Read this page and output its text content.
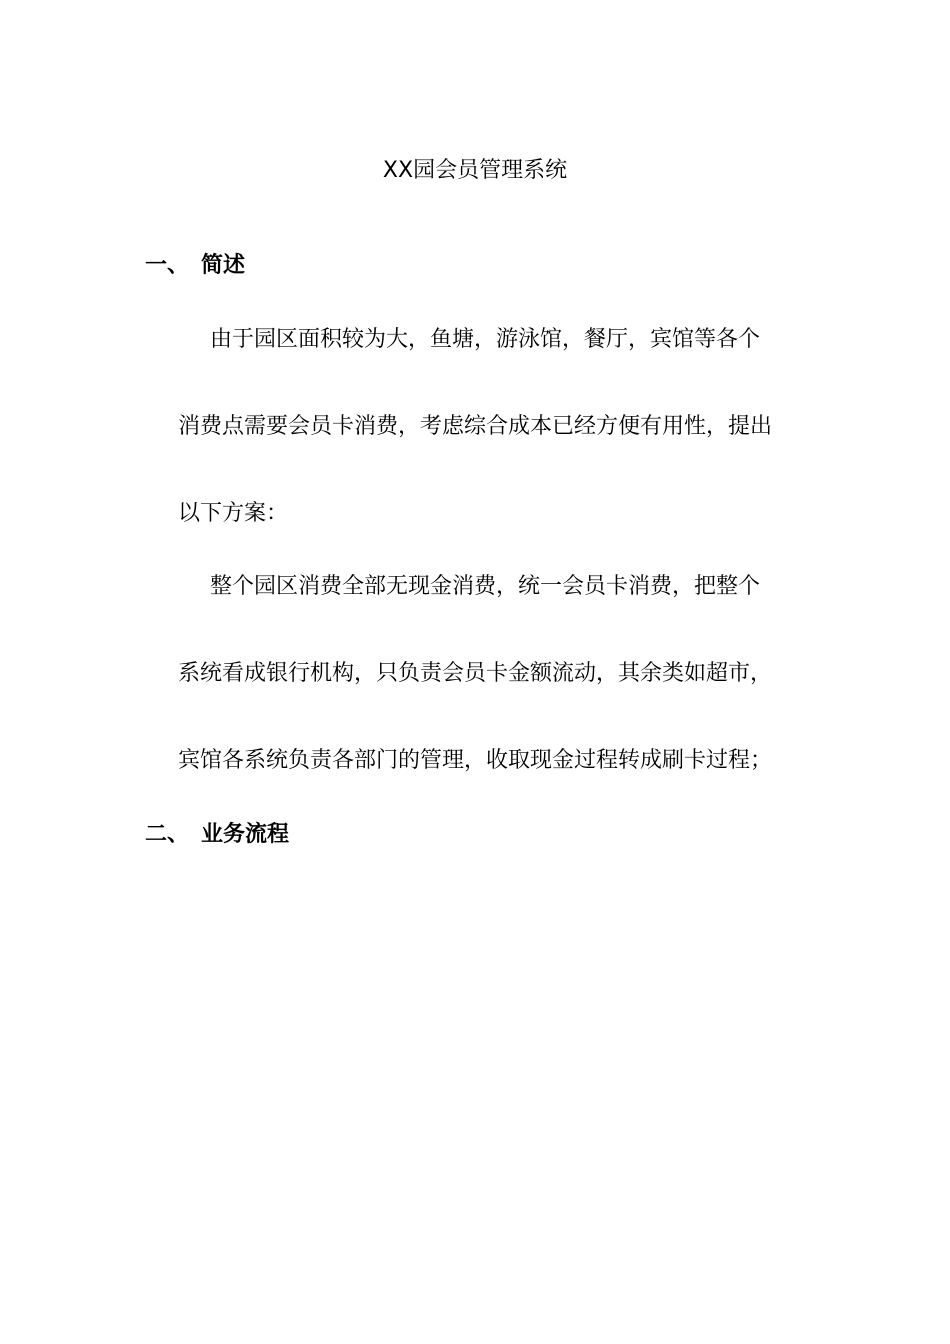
XX园会员管理系统
一、 简述
由于园区面积较为大，鱼塘，游泳馆，餐厅，宾馆等各个
消费点需要会员卡消费，考虑综合成本已经方便有用性，提出
以下方案：
整个园区消费全部无现金消费，统一会员卡消费，把整个
系统看成银行机构，只负责会员卡金额流动，其余类如超市，
宾馆各系统负责各部门的管理，收取现金过程转成刷卡过程；
二、 业务流程
